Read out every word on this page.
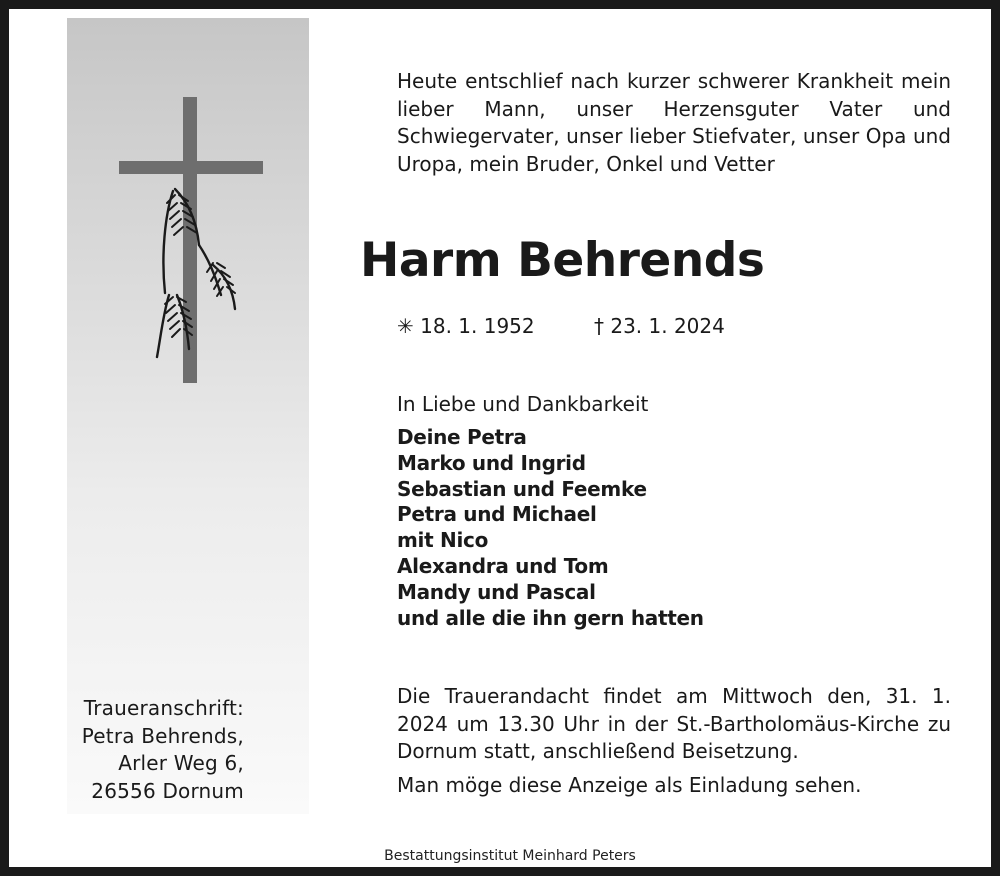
Heute entschlief nach kurzer schwerer Krankheit mein lieber Mann, unser Herzensguter Vater und Schwiegervater, unser lieber Stiefvater, unser Opa und Uropa, mein Bruder, Onkel und Vetter
Harm Behrends
✳ 18. 1. 1952	† 23. 1. 2024
In Liebe und Dankbarkeit
Deine Petra
Marko und Ingrid
Sebastian und Feemke
Petra und Michael
mit Nico
Alexandra und Tom
Mandy und Pascal
und alle die ihn gern hatten
Traueranschrift:
Petra Behrends,
Arler Weg 6,
26556 Dornum
Die Trauerandacht findet am Mittwoch den, 31. 1. 2024 um 13.30 Uhr in der St.-Bartholomäus-Kirche zu Dornum statt, anschließend Beisetzung.
Man möge diese Anzeige als Einladung sehen.
Bestattungsinstitut Meinhard Peters
